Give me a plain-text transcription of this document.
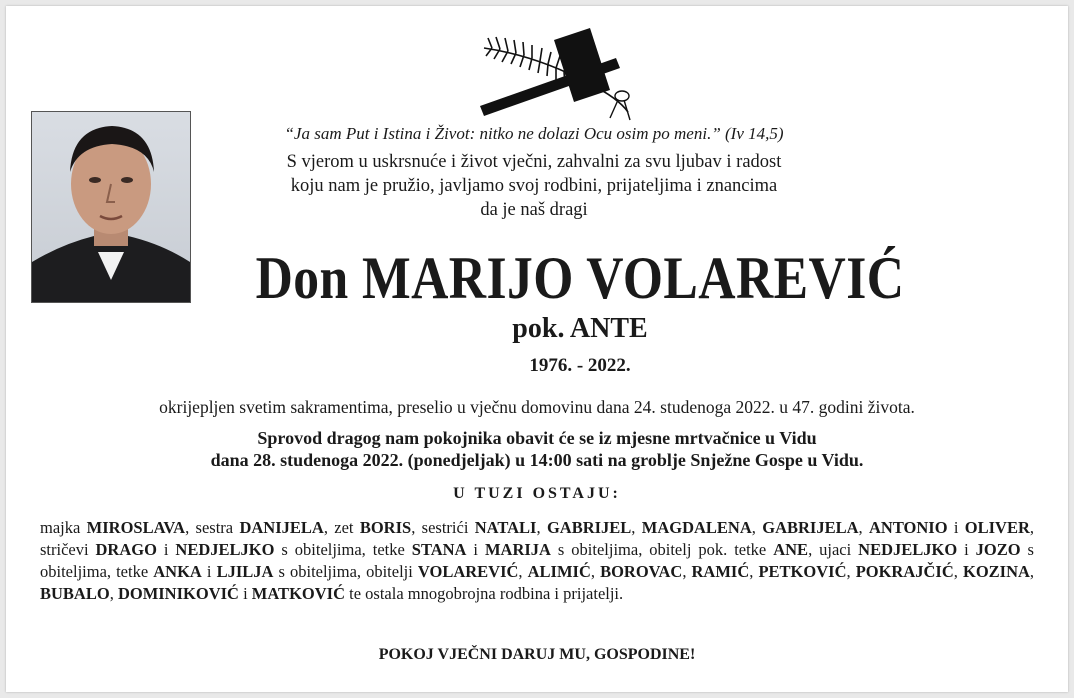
“Ja sam Put i Istina i Život: nitko ne dolazi Ocu osim po meni.” (Iv 14,5)
S vjerom u uskrsnuće i život vječni, zahvalni za svu ljubav i radost
koju nam je pružio, javljamo svoj rodbini, prijateljima i znancima
da je naš dragi
Don MARIJO VOLAREVIĆ
pok. ANTE
1976. - 2022.
okrijepljen svetim sakramentima, preselio u vječnu domovinu dana 24. studenoga 2022. u 47. godini života.
Sprovod dragog nam pokojnika obavit će se iz mjesne mrtvačnice u Vidu
dana 28. studenoga 2022. (ponedjeljak) u 14:00 sati na groblje Snježne Gospe u Vidu.
U TUZI OSTAJU:
majka MIROSLAVA, sestra DANIJELA, zet BORIS, sestrići NATALI, GABRIJEL, MAGDALENA, GABRIJELA, ANTONIO i OLIVER, stričevi DRAGO i NEDJELJKO s obiteljima, tetke STANA i MARIJA s obiteljima, obitelj pok. tetke ANE, ujaci NEDJELJKO i JOZO s obiteljima, tetke ANKA i LJILJA s obiteljima, obitelji VOLAREVIĆ, ALIMIĆ, BOROVAC, RAMIĆ, PETKOVIĆ, POKRAJČIĆ, KOZINA, BUBALO, DOMINIKOVIĆ i MATKOVIĆ te ostala mnogobrojna rodbina i prijatelji.
POKOJ VJEČNI DARUJ MU, GOSPODINE!
